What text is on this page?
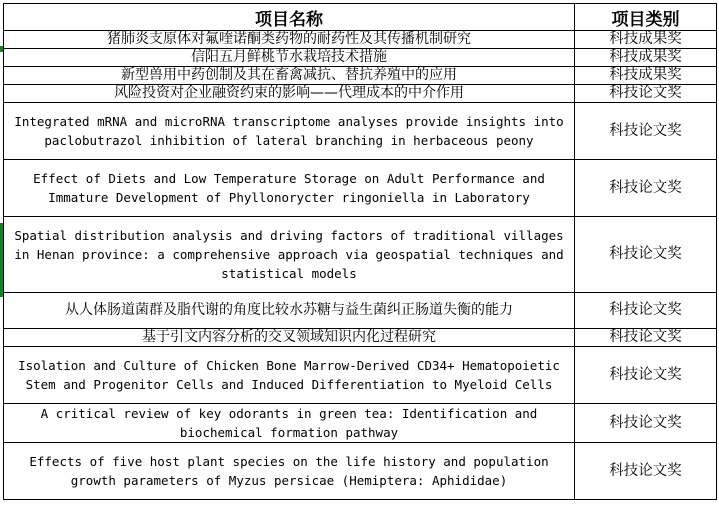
项目名称	项目类别
猪肺炎支原体对氟喹诺酮类药物的耐药性及其传播机制研究	科技成果奖
信阳五月鲜桃节水栽培技术措施	科技成果奖
新型兽用中药创制及其在畜禽减抗、替抗养殖中的应用	科技成果奖
风险投资对企业融资约束的影响——代理成本的中介作用	科技论文奖
Integrated mRNA and microRNA transcriptome analyses provide insights into paclobutrazol inhibition of lateral branching in herbaceous peony	科技论文奖
Effect of Diets and Low Temperature Storage on Adult Performance and Immature Development of Phyllonorycter ringoniella in Laboratory	科技论文奖
Spatial distribution analysis and driving factors of traditional villages in Henan province: a comprehensive approach via geospatial techniques and statistical models	科技论文奖
从人体肠道菌群及脂代谢的角度比较水苏糖与益生菌纠正肠道失衡的能力	科技论文奖
基于引文内容分析的交叉领域知识内化过程研究	科技论文奖
Isolation and Culture of Chicken Bone Marrow-Derived CD34+ Hematopoietic Stem and Progenitor Cells and Induced Differentiation to Myeloid Cells	科技论文奖
A critical review of key odorants in green tea: Identification and biochemical formation pathway	科技论文奖
Effects of five host plant species on the life history and population growth parameters of Myzus persicae (Hemiptera: Aphididae)	科技论文奖
